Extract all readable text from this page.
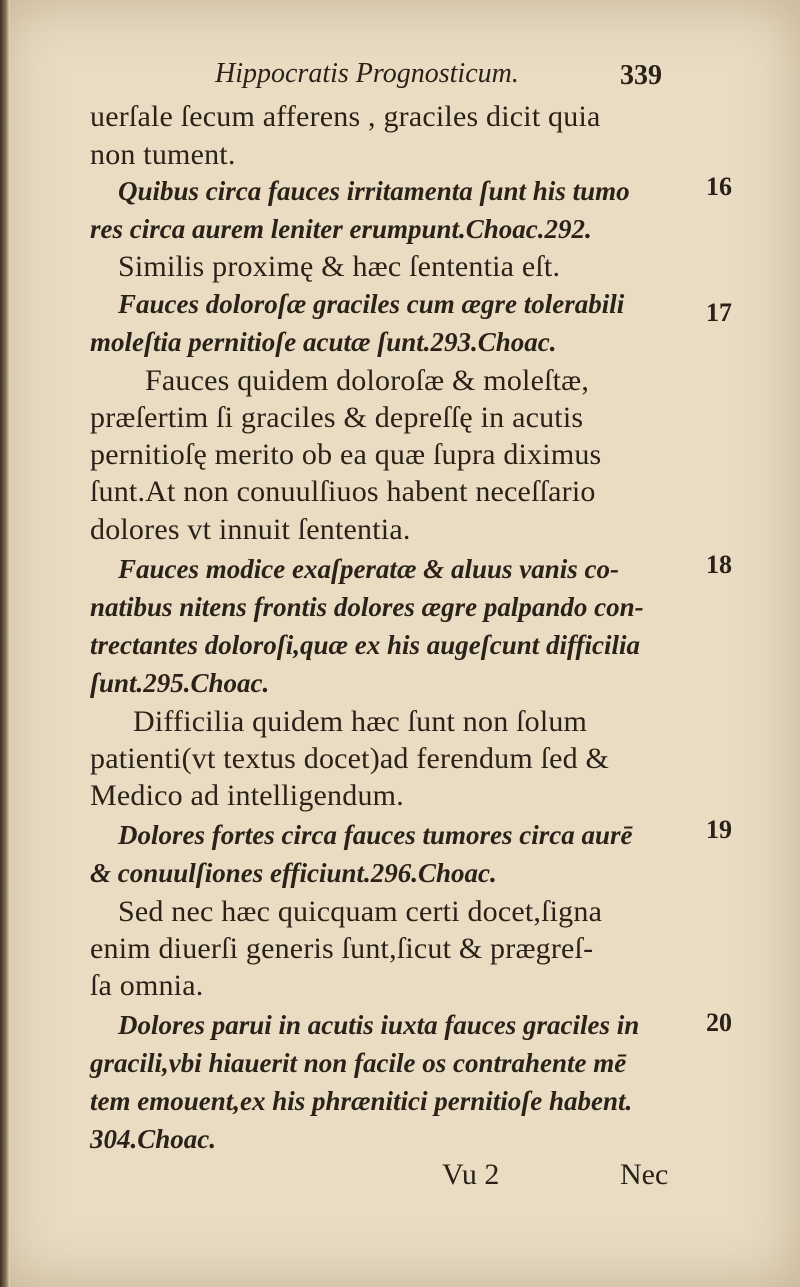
Hippocratis Prognosticum.	339
uerſale ſecum afferens , graciles dicit quia
non tument.
Quibus circa fauces irritamenta ſunt his tumo
res circa aurem leniter erumpunt.Choac.292.
Similis proximę & hæc ſententia eſt.
Fauces doloroſæ graciles cum ægre tolerabili
moleſtia pernitioſe acutæ ſunt.293.Choac.
Fauces quidem doloroſæ & moleſtæ,
præſertim ſi graciles & depreſſę in acutis
pernitioſę merito ob ea quæ ſupra diximus
ſunt.At non conuulſiuos habent neceſſario
dolores vt innuit ſententia.
Fauces modice exaſperatæ & aluus vanis co-
natibus nitens frontis dolores ægre palpando con-
trectantes doloroſi,quæ ex his augeſcunt difficilia
ſunt.295.Choac.
Difficilia quidem hæc ſunt non ſolum
patienti(vt textus docet)ad ferendum ſed &
Medico ad intelligendum.
Dolores fortes circa fauces tumores circa aurē
& conuulſiones efficiunt.296.Choac.
Sed nec hæc quicquam certi docet,ſigna
enim diuerſi generis ſunt,ſicut & prægreſ-
ſa omnia.
Dolores parui in acutis iuxta fauces graciles in
gracili,vbi hiauerit non facile os contrahente mē
tem emouent,ex his phrænitici pernitioſe habent.
304.Choac.
16
17
18
19
20
Vu 2	Nec
